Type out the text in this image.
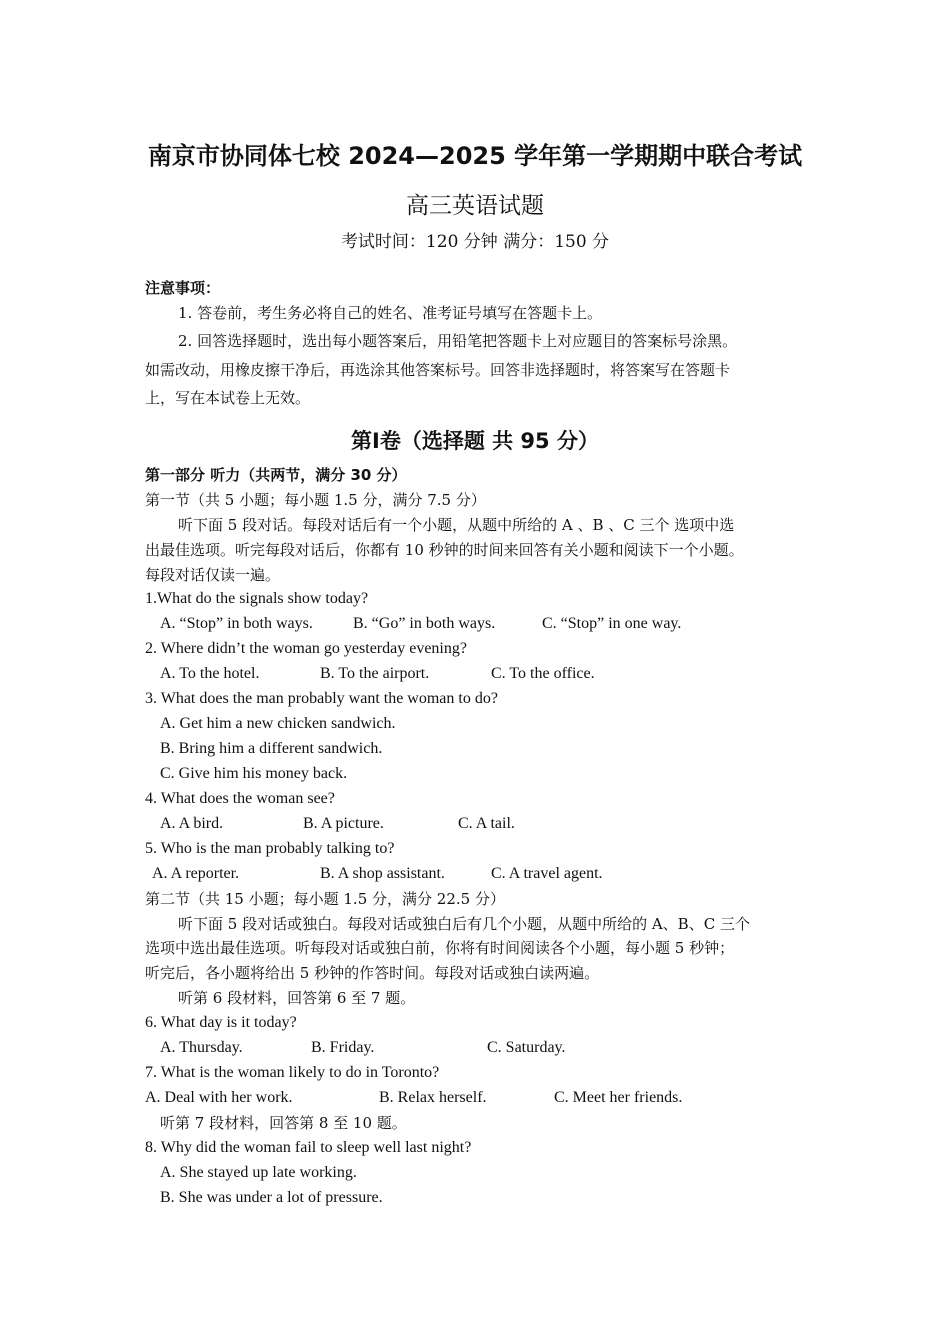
南京市协同体七校 2024—2025 学年第一学期期中联合考试
高三英语试题
考试时间：120 分钟 满分：150 分
注意事项：
1. 答卷前，考生务必将自己的姓名、准考证号填写在答题卡上。
2. 回答选择题时，选出每小题答案后，用铅笔把答题卡上对应题目的答案标号涂黑。
如需改动，用橡皮擦干净后，再选涂其他答案标号。回答非选择题时，将答案写在答题卡
上，写在本试卷上无效。
第Ⅰ卷（选择题 共 95 分）
第一部分 听力（共两节，满分 30 分）
第一节（共 5 小题；每小题 1.5 分，满分 7.5 分）
听下面 5 段对话。每段对话后有一个小题，从题中所给的 A 、B 、C 三个 选项中选
出最佳选项。听完每段对话后，你都有 10 秒钟的时间来回答有关小题和阅读下一个小题。
每段对话仅读一遍。
1.What do the signals show today?
A. “Stop” in both ways.	B. “Go” in both ways.	C. “Stop” in one way.
2. Where didn’t the woman go yesterday evening?
A. To the hotel.	B. To the airport.	C. To the office.
3. What does the man probably want the woman to do?
A. Get him a new chicken sandwich.
B. Bring him a different sandwich.
C. Give him his money back.
4. What does the woman see?
A. A bird.	B. A picture.	C. A tail.
5. Who is the man probably talking to?
A. A reporter.	B. A shop assistant.	C. A travel agent.
第二节（共 15 小题；每小题 1.5 分，满分 22.5 分）
听下面 5 段对话或独白。每段对话或独白后有几个小题，从题中所给的 A、B、C 三个
选项中选出最佳选项。听每段对话或独白前，你将有时间阅读各个小题，每小题 5 秒钟；
听完后，各小题将给出 5 秒钟的作答时间。每段对话或独白读两遍。
听第 6 段材料，回答第 6 至 7 题。
6. What day is it today?
A. Thursday.	B. Friday.	C. Saturday.
7. What is the woman likely to do in Toronto?
A. Deal with her work.	B. Relax herself.	C. Meet her friends.
听第 7 段材料，回答第 8 至 10 题。
8. Why did the woman fail to sleep well last night?
A. She stayed up late working.
B. She was under a lot of pressure.
